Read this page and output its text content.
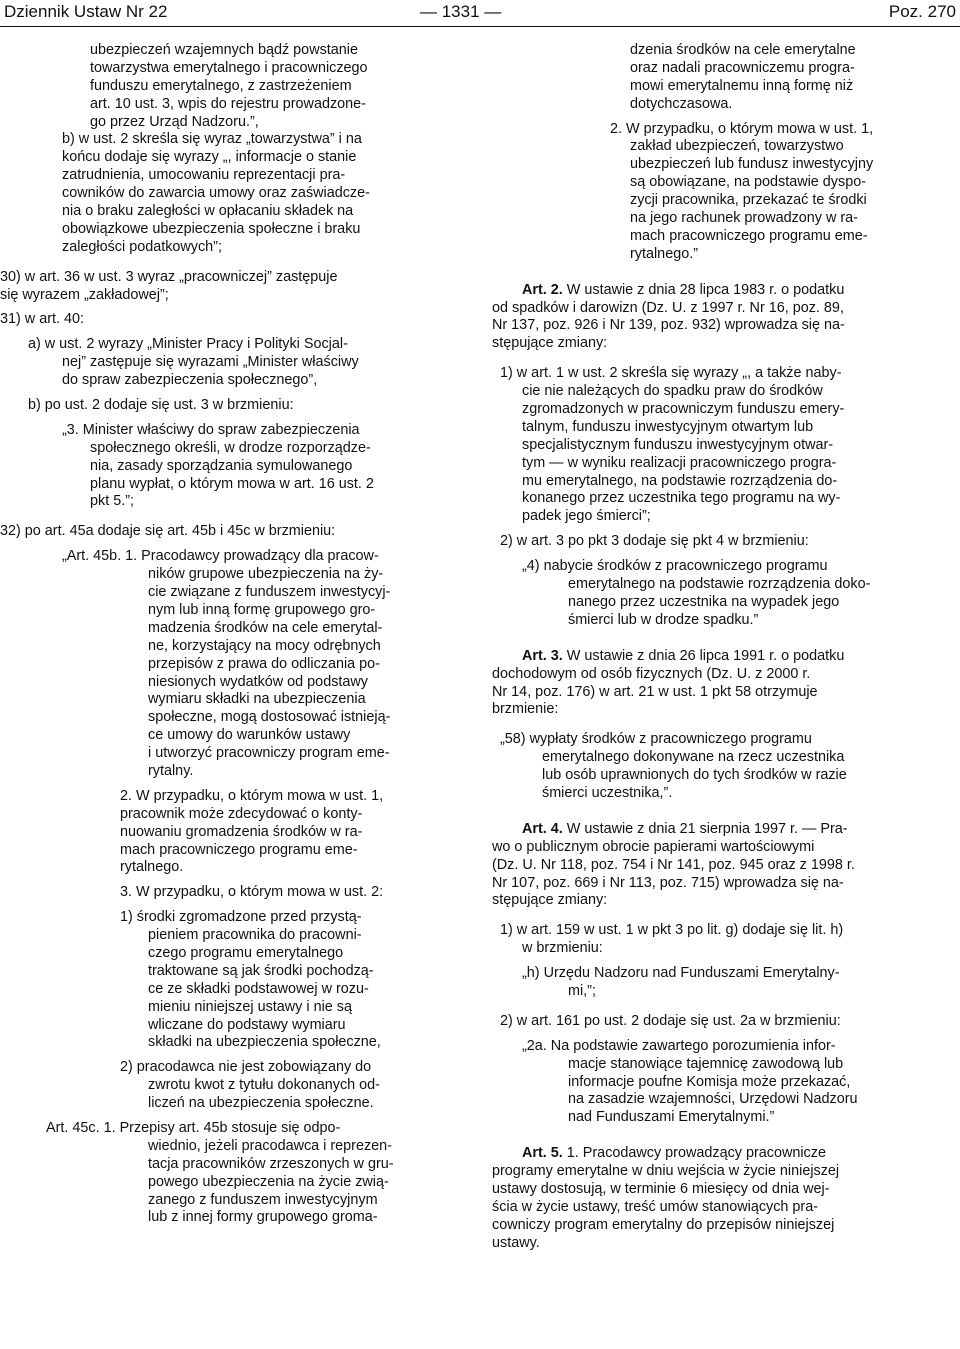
Dziennik Ustaw Nr 22	— 1331 —	Poz. 270
ubezpieczeń wzajemnych bądź powstanie
towarzystwa emerytalnego i pracowniczego
funduszu emerytalnego, z zastrzeżeniem
art. 10 ust. 3, wpis do rejestru prowadzone-
go przez Urząd Nadzoru.”,
b) w ust. 2 skreśla się wyraz „towarzystwa” i na
końcu dodaje się wyrazy „, informacje o stanie
zatrudnienia, umocowaniu reprezentacji pra-
cowników do zawarcia umowy oraz zaświadcze-
nia o braku zaległości w opłacaniu składek na
obowiązkowe ubezpieczenia społeczne i braku
zaległości podatkowych”;
30) w art. 36 w ust. 3 wyraz „pracowniczej” zastępuje
się wyrazem „zakładowej”;
31) w art. 40:
a) w ust. 2 wyrazy „Minister Pracy i Polityki Socjal-
nej” zastępuje się wyrazami „Minister właściwy
do spraw zabezpieczenia społecznego”,
b) po ust. 2 dodaje się ust. 3 w brzmieniu:
„3. Minister właściwy do spraw zabezpieczenia
społecznego określi, w drodze rozporządze-
nia, zasady sporządzania symulowanego
planu wypłat, o którym mowa w art. 16 ust. 2
pkt 5.”;
32) po art. 45a dodaje się art. 45b i 45c w brzmieniu:
„Art. 45b. 1. Pracodawcy prowadzący dla pracow-
ników grupowe ubezpieczenia na ży-
cie związane z funduszem inwestycyj-
nym lub inną formę grupowego gro-
madzenia środków na cele emerytal-
ne, korzystający na mocy odrębnych
przepisów z prawa do odliczania po-
niesionych wydatków od podstawy
wymiaru składki na ubezpieczenia
społeczne, mogą dostosować istnieją-
ce umowy do warunków ustawy
i utworzyć pracowniczy program eme-
rytalny.
2. W przypadku, o którym mowa w ust. 1,
pracownik może zdecydować o konty-
nuowaniu gromadzenia środków w ra-
mach pracowniczego programu eme-
rytalnego.
3. W przypadku, o którym mowa w ust. 2:
1) środki zgromadzone przed przystą-
pieniem pracownika do pracowni-
czego programu emerytalnego
traktowane są jak środki pochodzą-
ce ze składki podstawowej w rozu-
mieniu niniejszej ustawy i nie są
wliczane do podstawy wymiaru
składki na ubezpieczenia społeczne,
2) pracodawca nie jest zobowiązany do
zwrotu kwot z tytułu dokonanych od-
liczeń na ubezpieczenia społeczne.
Art. 45c. 1. Przepisy art. 45b stosuje się odpo-
wiednio, jeżeli pracodawca i reprezen-
tacja pracowników zrzeszonych w gru-
powego ubezpieczenia na życie zwią-
zanego z funduszem inwestycyjnym
lub z innej formy grupowego groma-
dzenia środków na cele emerytalne
oraz nadali pracowniczemu progra-
mowi emerytalnemu inną formę niż
dotychczasowa.
2. W przypadku, o którym mowa w ust. 1,
zakład ubezpieczeń, towarzystwo
ubezpieczeń lub fundusz inwestycyjny
są obowiązane, na podstawie dyspo-
zycji pracownika, przekazać te środki
na jego rachunek prowadzony w ra-
mach pracowniczego programu eme-
rytalnego.”
Art. 2. W ustawie z dnia 28 lipca 1983 r. o podatku
od spadków i darowizn (Dz. U. z 1997 r. Nr 16, poz. 89,
Nr 137, poz. 926 i Nr 139, poz. 932) wprowadza się na-
stępujące zmiany:
1) w art. 1 w ust. 2 skreśla się wyrazy „, a także naby-
cie nie należących do spadku praw do środków
zgromadzonych w pracowniczym funduszu emery-
talnym, funduszu inwestycyjnym otwartym lub
specjalistycznym funduszu inwestycyjnym otwar-
tym — w wyniku realizacji pracowniczego progra-
mu emerytalnego, na podstawie rozrządzenia do-
konanego przez uczestnika tego programu na wy-
padek jego śmierci”;
2) w art. 3 po pkt 3 dodaje się pkt 4 w brzmieniu:
„4) nabycie środków z pracowniczego programu
emerytalnego na podstawie rozrządzenia doko-
nanego przez uczestnika na wypadek jego
śmierci lub w drodze spadku.”
Art. 3. W ustawie z dnia 26 lipca 1991 r. o podatku
dochodowym od osób fizycznych (Dz. U. z 2000 r.
Nr 14, poz. 176) w art. 21 w ust. 1 pkt 58 otrzymuje
brzmienie:
„58) wypłaty środków z pracowniczego programu
emerytalnego dokonywane na rzecz uczestnika
lub osób uprawnionych do tych środków w razie
śmierci uczestnika,”.
Art. 4. W ustawie z dnia 21 sierpnia 1997 r. — Pra-
wo o publicznym obrocie papierami wartościowymi
(Dz. U. Nr 118, poz. 754 i Nr 141, poz. 945 oraz z 1998 r.
Nr 107, poz. 669 i Nr 113, poz. 715) wprowadza się na-
stępujące zmiany:
1) w art. 159 w ust. 1 w pkt 3 po lit. g) dodaje się lit. h)
w brzmieniu:
„h) Urzędu Nadzoru nad Funduszami Emerytalny-
mi,”;
2) w art. 161 po ust. 2 dodaje się ust. 2a w brzmieniu:
„2a. Na podstawie zawartego porozumienia infor-
macje stanowiące tajemnicę zawodową lub
informacje poufne Komisja może przekazać,
na zasadzie wzajemności, Urzędowi Nadzoru
nad Funduszami Emerytalnymi.”
Art. 5. 1. Pracodawcy prowadzący pracownicze
programy emerytalne w dniu wejścia w życie niniejszej
ustawy dostosują, w terminie 6 miesięcy od dnia wej-
ścia w życie ustawy, treść umów stanowiących pra-
cowniczy program emerytalny do przepisów niniejszej
ustawy.
